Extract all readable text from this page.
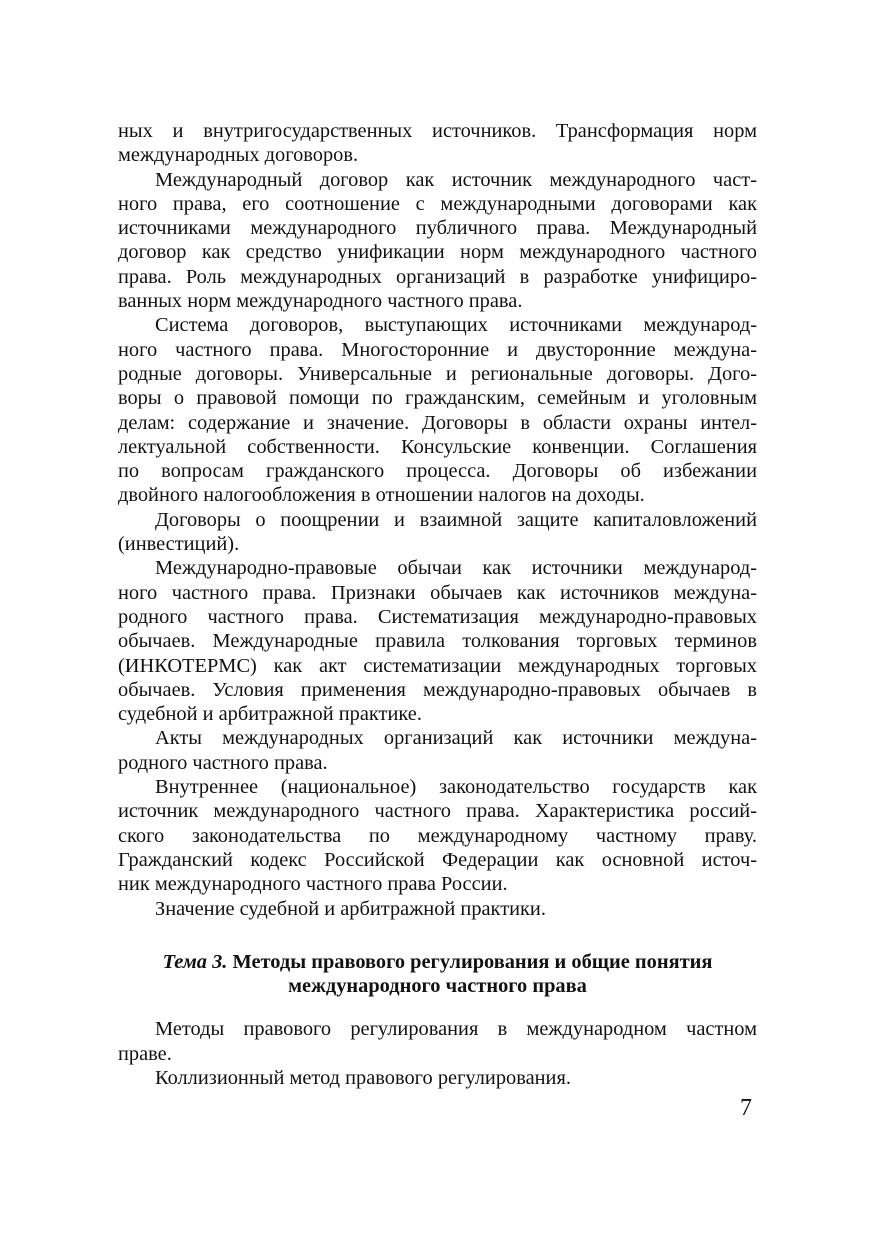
ных и внутригосударственных источников. Трансформация норм
международных договоров.
Международный договор как источник международного част-
ного права, его соотношение с международными договорами как
источниками международного публичного права. Международный
договор как средство унификации норм международного частного
права. Роль международных организаций в разработке унифициро-
ванных норм международного частного права.
Система договоров, выступающих источниками международ-
ного частного права. Многосторонние и двусторонние междуна-
родные договоры. Универсальные и региональные договоры. Дого-
воры о правовой помощи по гражданским, семейным и уголовным
делам: содержание и значение. Договоры в области охраны интел-
лектуальной собственности. Консульские конвенции. Соглашения
по вопросам гражданского процесса. Договоры об избежании
двойного налогообложения в отношении налогов на доходы.
Договоры о поощрении и взаимной защите капиталовложений
(инвестиций).
Международно-правовые обычаи как источники международ-
ного частного права. Признаки обычаев как источников междуна-
родного частного права. Систематизация международно-правовых
обычаев. Международные правила толкования торговых терминов
(ИНКОТЕРМС) как акт систематизации международных торговых
обычаев. Условия применения международно-правовых обычаев в
судебной и арбитражной практике.
Акты международных организаций как источники междуна-
родного частного права.
Внутреннее (национальное) законодательство государств как
источник международного частного права. Характеристика россий-
ского законодательства по международному частному праву.
Гражданский кодекс Российской Федерации как основной источ-
ник международного частного права России.
Значение судебной и арбитражной практики.
Тема 3. Методы правового регулирования и общие понятия
международного частного права
Методы правового регулирования в международном частном
праве.
Коллизионный метод правового регулирования.
7
